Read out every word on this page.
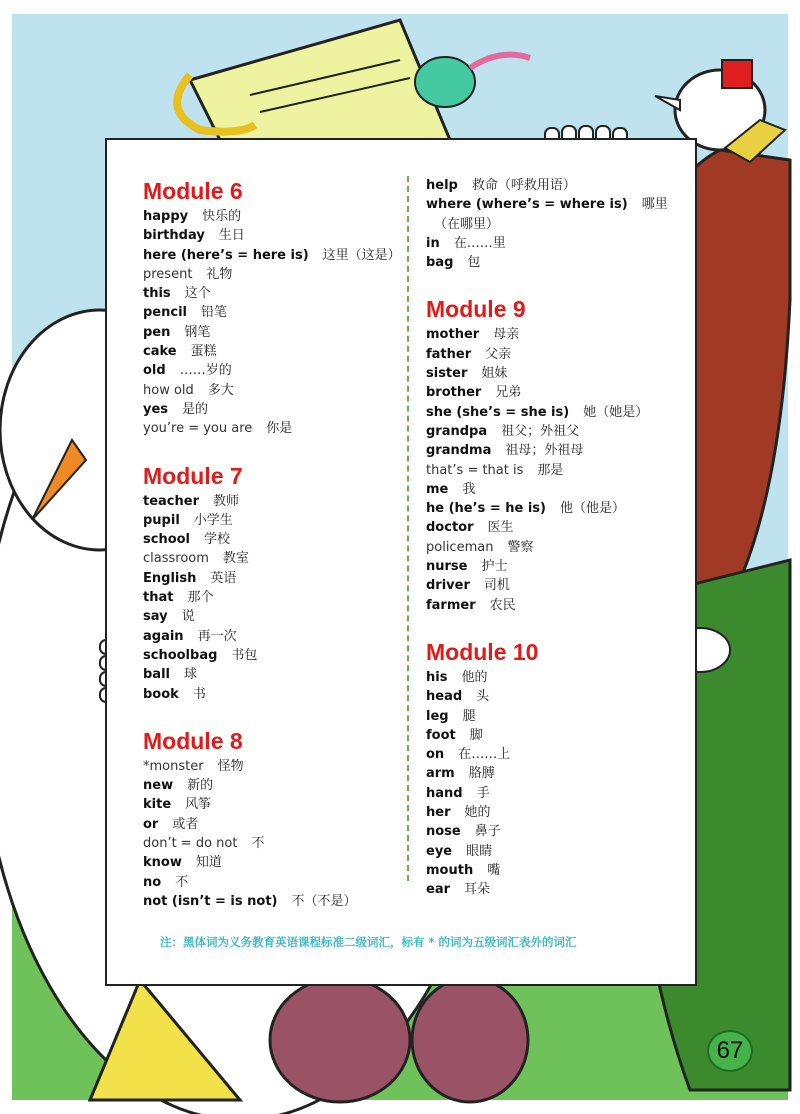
Module 6
happy 快乐的
birthday 生日
here (here’s = here is) 这里（这是）
present 礼物
this 这个
pencil 铅笔
pen 钢笔
cake 蛋糕
old ……岁的
how old 多大
yes 是的
you’re = you are 你是
Module 7
teacher 教师
pupil 小学生
school 学校
classroom 教室
English 英语
that 那个
say 说
again 再一次
schoolbag 书包
ball 球
book 书
Module 8
*monster 怪物
new 新的
kite 风筝
or 或者
don’t = do not 不
know 知道
no 不
not (isn’t = is not) 不（不是）
help 救命（呼救用语）
where (where’s = where is) 哪里
（在哪里）
in 在……里
bag 包
Module 9
mother 母亲
father 父亲
sister 姐妹
brother 兄弟
she (she’s = she is) 她（她是）
grandpa 祖父；外祖父
grandma 祖母；外祖母
that’s = that is 那是
me 我
he (he’s = he is) 他（他是）
doctor 医生
policeman 警察
nurse 护士
driver 司机
farmer 农民
Module 10
his 他的
head 头
leg 腿
foot 脚
on 在……上
arm 胳膊
hand 手
her 她的
nose 鼻子
eye 眼睛
mouth 嘴
ear 耳朵
注：黑体词为义务教育英语课程标准二级词汇，标有 * 的词为五级词汇表外的词汇
67
